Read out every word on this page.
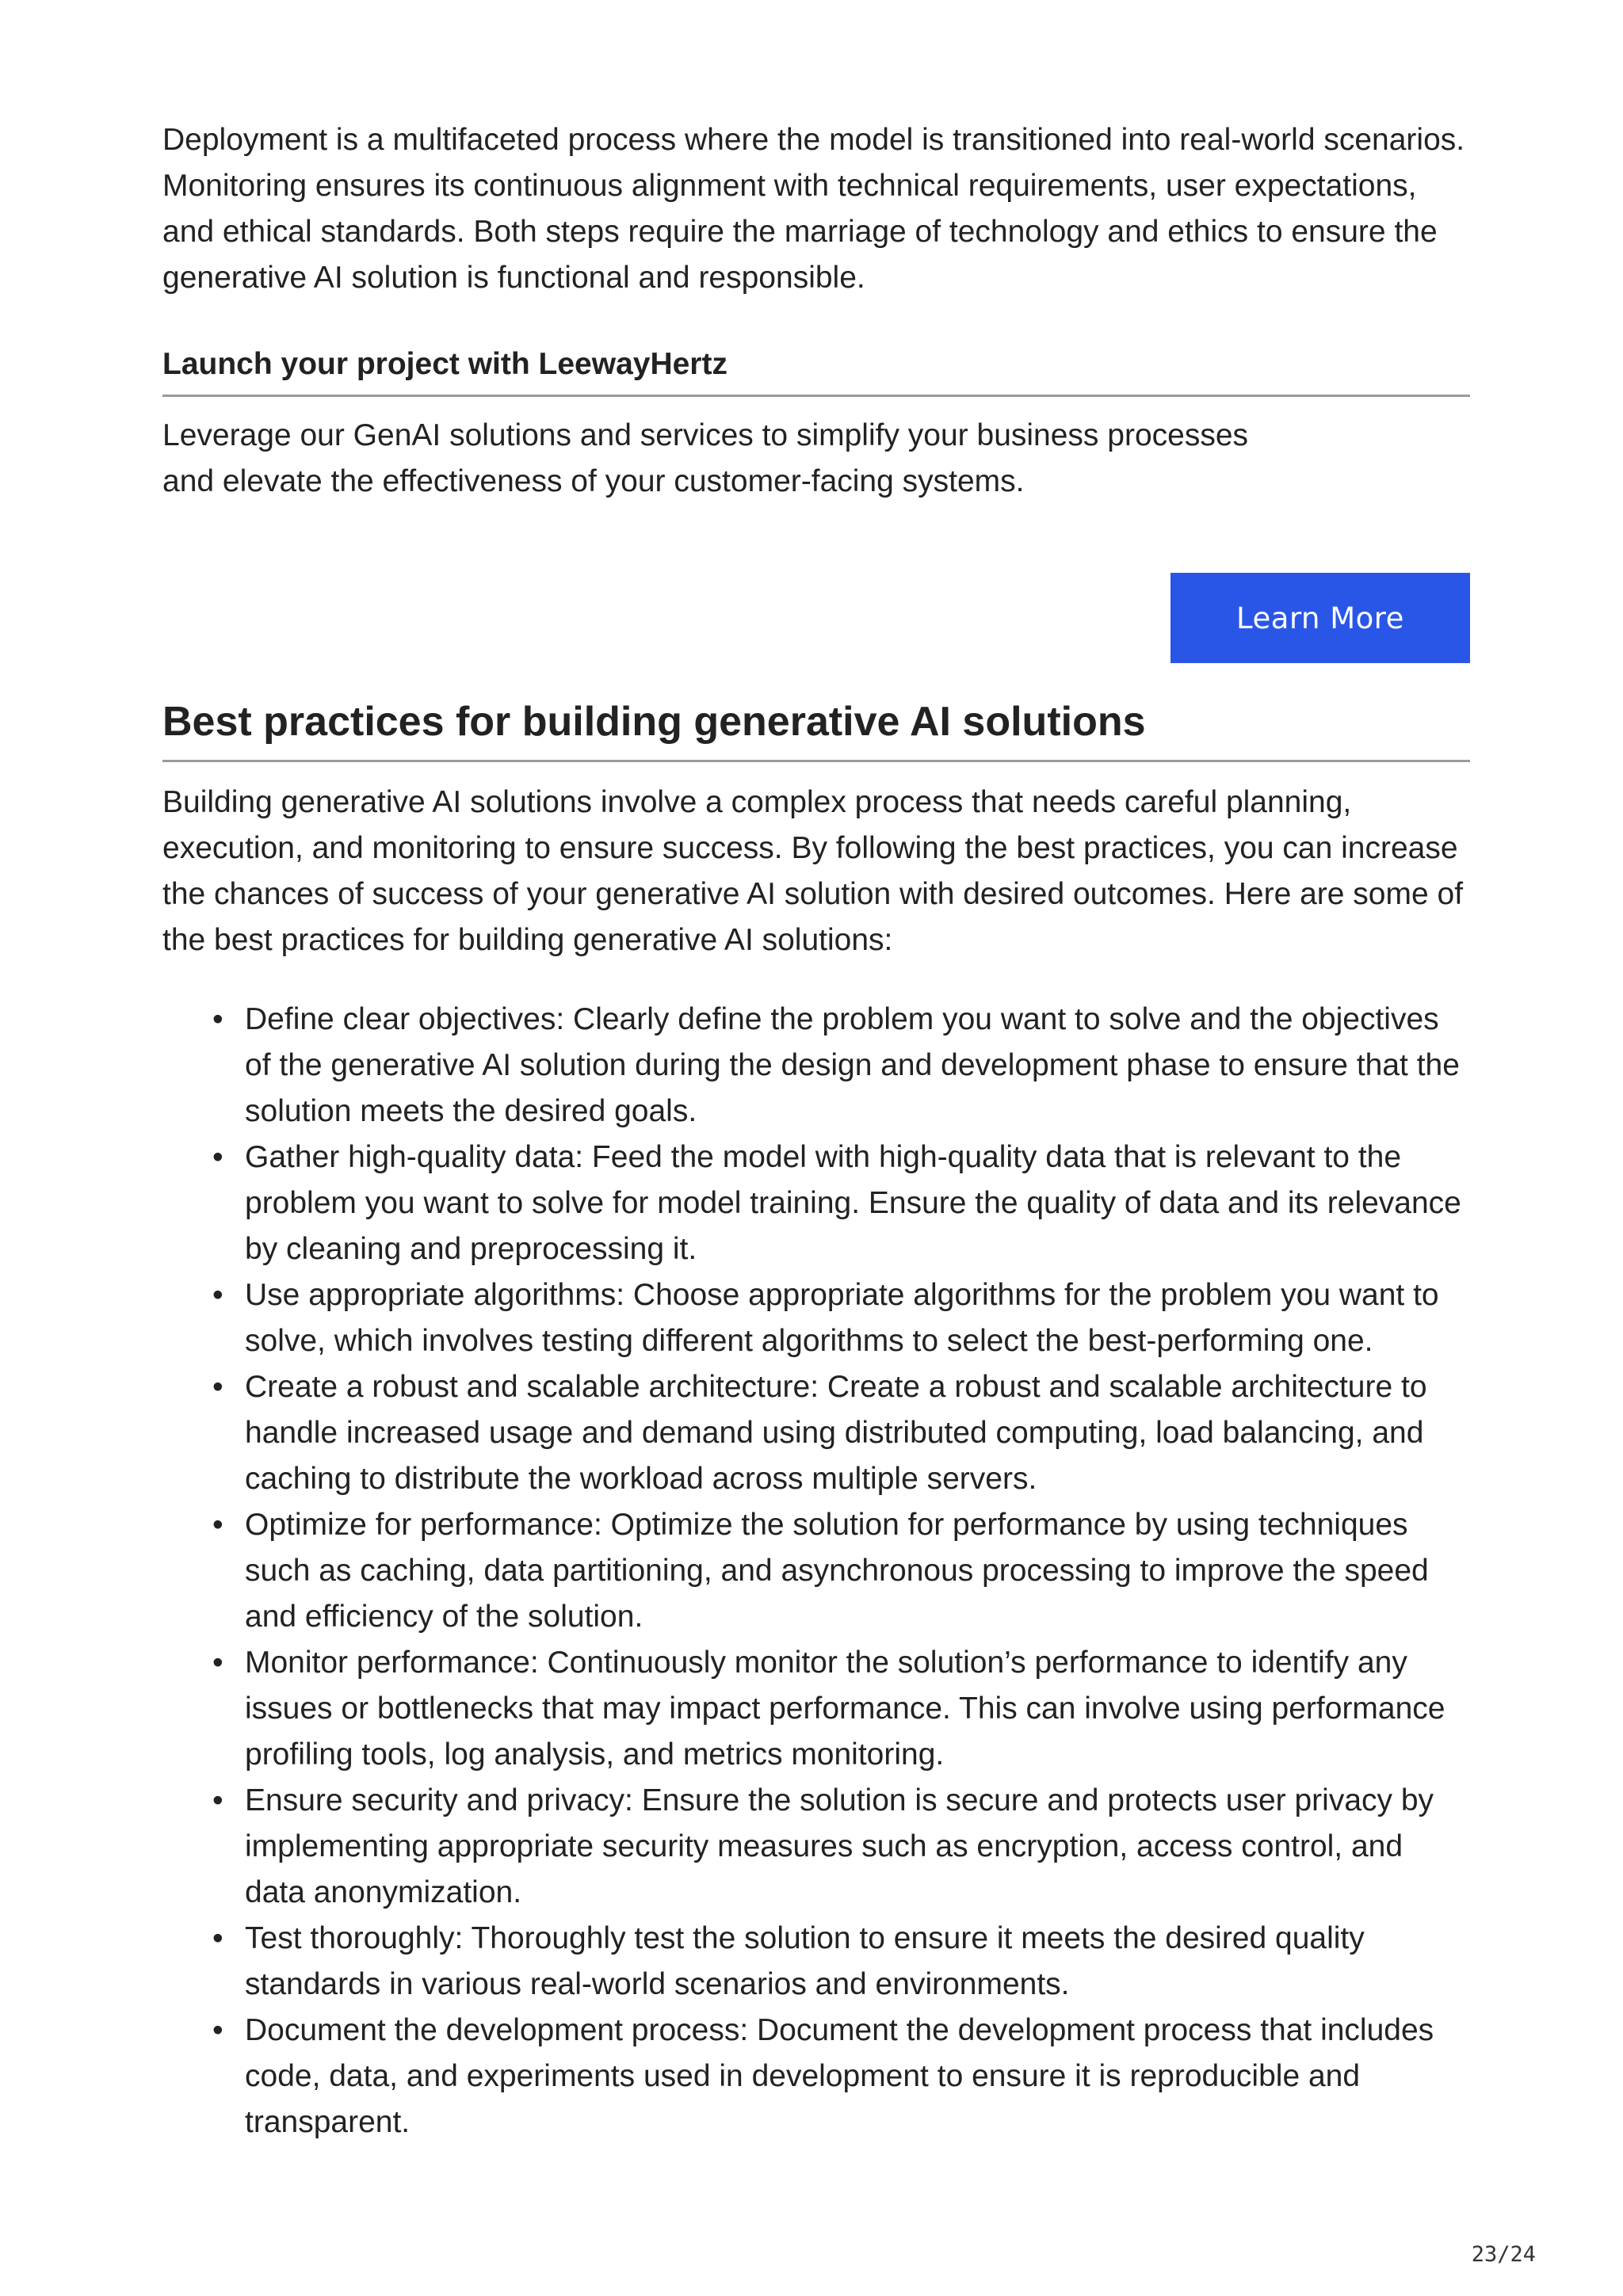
Deployment is a multifaceted process where the model is transitioned into real-world scenarios. Monitoring ensures its continuous alignment with technical requirements, user expectations, and ethical standards. Both steps require the marriage of technology and ethics to ensure the generative AI solution is functional and responsible.

Launch your project with LeewayHertz

Leverage our GenAI solutions and services to simplify your business processes and elevate the effectiveness of your customer-facing systems.

Learn More
Best practices for building generative AI solutions

Building generative AI solutions involve a complex process that needs careful planning, execution, and monitoring to ensure success. By following the best practices, you can increase the chances of success of your generative AI solution with desired outcomes. Here are some of the best practices for building generative AI solutions:

• Define clear objectives: Clearly define the problem you want to solve and the objectives of the generative AI solution during the design and development phase to ensure that the solution meets the desired goals.
• Gather high-quality data: Feed the model with high-quality data that is relevant to the problem you want to solve for model training. Ensure the quality of data and its relevance by cleaning and preprocessing it.
• Use appropriate algorithms: Choose appropriate algorithms for the problem you want to solve, which involves testing different algorithms to select the best-performing one.
• Create a robust and scalable architecture: Create a robust and scalable architecture to handle increased usage and demand using distributed computing, load balancing, and caching to distribute the workload across multiple servers.
• Optimize for performance: Optimize the solution for performance by using techniques such as caching, data partitioning, and asynchronous processing to improve the speed and efficiency of the solution.
• Monitor performance: Continuously monitor the solution’s performance to identify any issues or bottlenecks that may impact performance. This can involve using performance profiling tools, log analysis, and metrics monitoring.
• Ensure security and privacy: Ensure the solution is secure and protects user privacy by implementing appropriate security measures such as encryption, access control, and data anonymization.
• Test thoroughly: Thoroughly test the solution to ensure it meets the desired quality standards in various real-world scenarios and environments.
• Document the development process: Document the development process that includes code, data, and experiments used in development to ensure it is reproducible and transparent.
23/24
